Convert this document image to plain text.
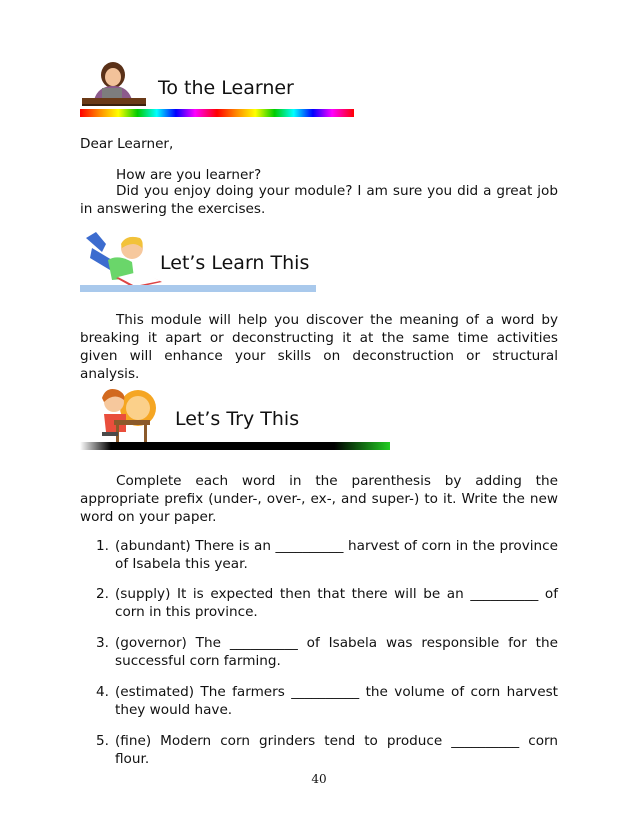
To the Learner
Dear Learner,
How are you learner?
Did you enjoy doing your module? I am sure you did a great job in answering the exercises.
Let’s Learn This
This module will help you discover the meaning of a word by breaking it apart or deconstructing it at the same time activities given will enhance your skills on deconstruction or structural analysis.
Let’s Try This
Complete each word in the parenthesis by adding the appropriate prefix (under-, over-, ex-, and super-) to it. Write the new word on your paper.
1. (abundant) There is an __________ harvest of corn in the province of Isabela this year.
2. (supply) It is expected then that there will be an __________ of corn in this province.
3. (governor) The __________ of Isabela was responsible for the successful corn farming.
4. (estimated) The farmers __________ the volume of corn harvest they would have.
5. (fine) Modern corn grinders tend to produce __________ corn flour.
40
